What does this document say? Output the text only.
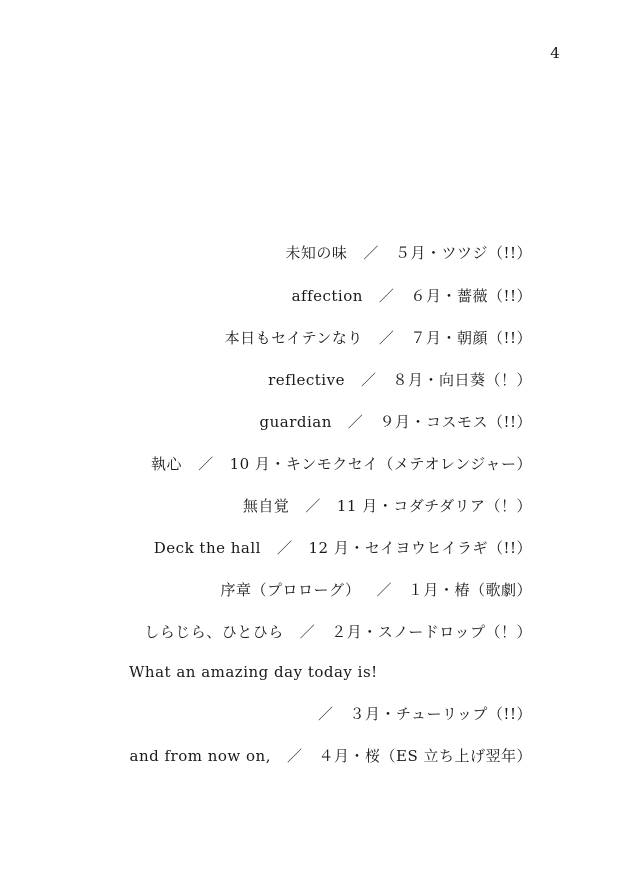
4
未知の味 ／ ５月・ツツジ（!!）
affection ／ ６月・薔薇（!!）
本日もセイテンなり ／ ７月・朝顔（!!）
reflective ／ ８月・向日葵（！）
guardian ／ ９月・コスモス（!!）
執心 ／ 10 月・キンモクセイ（メテオレンジャー）
無自覚 ／ 11 月・コダチダリア（！）
Deck the hall ／ 12 月・セイヨウヒイラギ（!!）
序章（プロローグ） ／ １月・椿（歌劇）
しらじら、ひとひら ／ ２月・スノードロップ（！）
What an amazing day today is!
／ ３月・チューリップ（!!）
and from now on, ／ ４月・桜（ES 立ち上げ翌年）
